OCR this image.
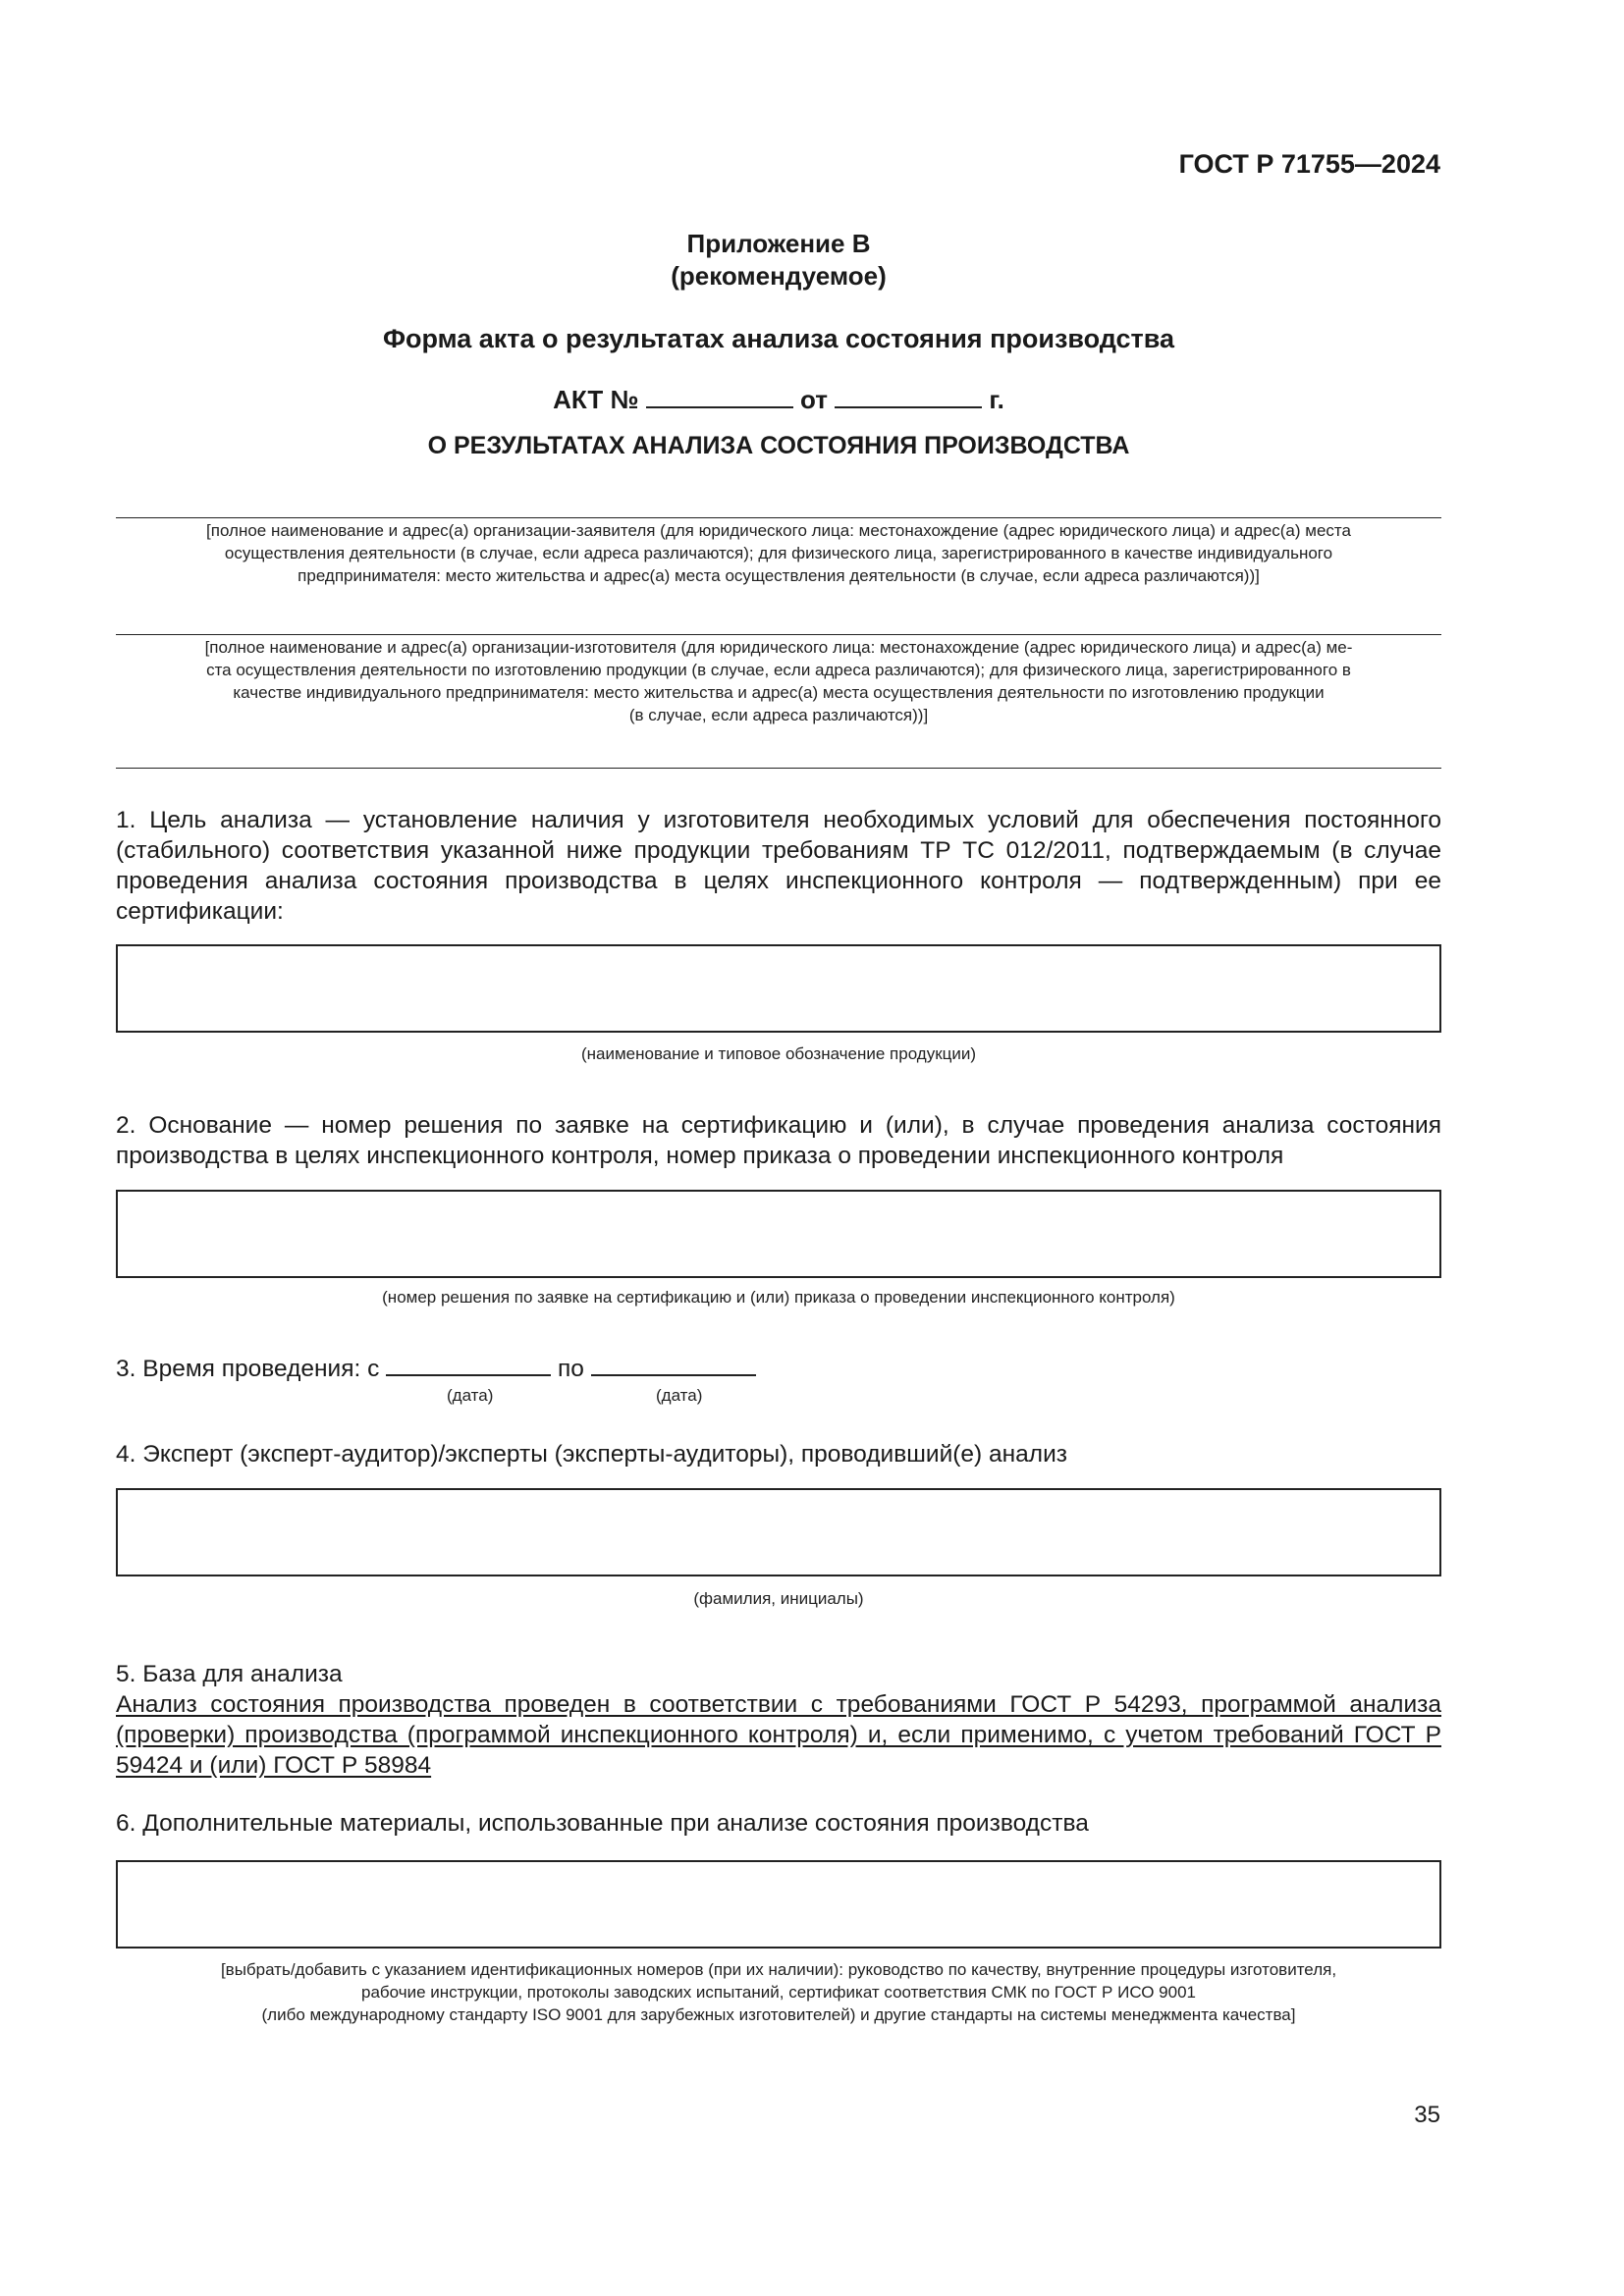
ГОСТ Р 71755—2024
Приложение В
(рекомендуемое)
Форма акта о результатах анализа состояния производства
АКТ №	от	г.
О РЕЗУЛЬТАТАХ АНАЛИЗА СОСТОЯНИЯ ПРОИЗВОДСТВА
[полное наименование и адрес(а) организации-заявителя (для юридического лица: местонахождение (адрес юридического лица) и адрес(а) места
осуществления деятельности (в случае, если адреса различаются); для физического лица, зарегистрированного в качестве индивидуального
предпринимателя: место жительства и адрес(а) места осуществления деятельности (в случае, если адреса различаются))]
[полное наименование и адрес(а) организации-изготовителя (для юридического лица: местонахождение (адрес юридического лица) и адрес(а) ме-
ста осуществления деятельности по изготовлению продукции (в случае, если адреса различаются); для физического лица, зарегистрированного в
качестве индивидуального предпринимателя: место жительства и адрес(а) места осуществления деятельности по изготовлению продукции
(в случае, если адреса различаются))]
1. Цель анализа — установление наличия у изготовителя необходимых условий для обеспечения постоянного (стабильного) соответствия указанной ниже продукции требованиям ТР ТС 012/2011, подтверждаемым (в случае проведения анализа состояния производства в целях инспекционного контроля — подтвержденным) при ее сертификации:
(наименование и типовое обозначение продукции)
2. Основание — номер решения по заявке на сертификацию и (или), в случае проведения анализа состояния производства в целях инспекционного контроля, номер приказа о проведении инспекционного контроля
(номер решения по заявке на сертификацию и (или) приказа о проведении инспекционного контроля)
3. Время проведения: с	по
(дата)	(дата)
4. Эксперт (эксперт-аудитор)/эксперты (эксперты-аудиторы), проводивший(е) анализ
(фамилия, инициалы)
5. База для анализа
Анализ состояния производства проведен в соответствии с требованиями ГОСТ Р 54293, программой анализа (проверки) производства (программой инспекционного контроля) и, если применимо, с учетом требований ГОСТ Р 59424 и (или) ГОСТ Р 58984
6. Дополнительные материалы, использованные при анализе состояния производства
[выбрать/добавить с указанием идентификационных номеров (при их наличии): руководство по качеству, внутренние процедуры изготовителя,
рабочие инструкции, протоколы заводских испытаний, сертификат соответствия СМК по ГОСТ Р ИСО 9001
(либо международному стандарту ISO 9001 для зарубежных изготовителей) и другие стандарты на системы менеджмента качества]
35
